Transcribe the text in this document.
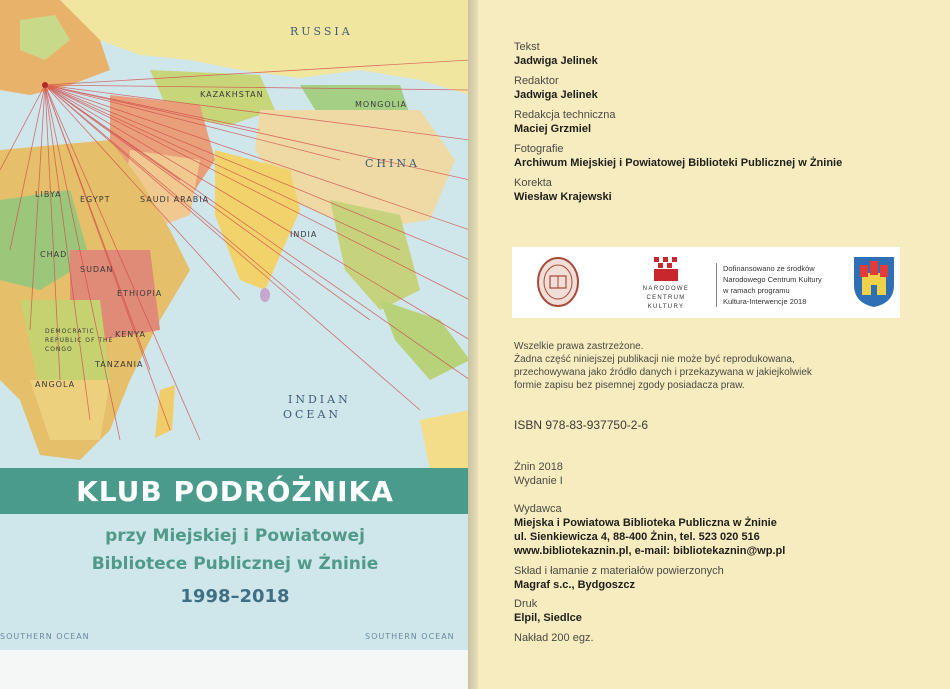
RUSSIA
KAZAKHSTAN
MONGOLIA
CHINA
LIBYA
EGYPT	SAUDI ARABIA
INDIA
CHAD
SUDAN
ETHIOPIA
KENYA
TANZANIA
ANGOLA
DEMOCRATIC REPUBLIC OF THE CONGO
INDIAN
OCEAN
SOUTHERN OCEAN	SOUTHERN OCEAN
KLUB PODRÓŻNIKA
przy Miejskiej i Powiatowej
Bibliotece Publicznej w Żninie
1998–2018
Tekst
Jadwiga Jelinek
Redaktor
Jadwiga Jelinek
Redakcja techniczna
Maciej Grzmiel
Fotografie
Archiwum Miejskiej i Powiatowej Biblioteki Publicznej w Żninie
Korekta
Wiesław Krajewski
NARODOWE
CENTRUM
KULTURY
Dofinansowano ze środków
Narodowego Centrum Kultury
w ramach programu
Kultura-Interwencje 2018
Wszelkie prawa zastrzeżone.
Żadna część niniejszej publikacji nie może być reprodukowana,
przechowywana jako źródło danych i przekazywana w jakiejkolwiek
formie zapisu bez pisemnej zgody posiadacza praw.
ISBN 978-83-937750-2-6
Żnin 2018
Wydanie I
Wydawca
Miejska i Powiatowa Biblioteka Publiczna w Żninie
ul. Sienkiewicza 4, 88-400 Żnin, tel. 523 020 516
www.bibliotekaznin.pl, e-mail: bibliotekaznin@wp.pl
Skład i łamanie z materiałów powierzonych
Magraf s.c., Bydgoszcz
Druk
Elpil, Siedlce
Nakład 200 egz.
